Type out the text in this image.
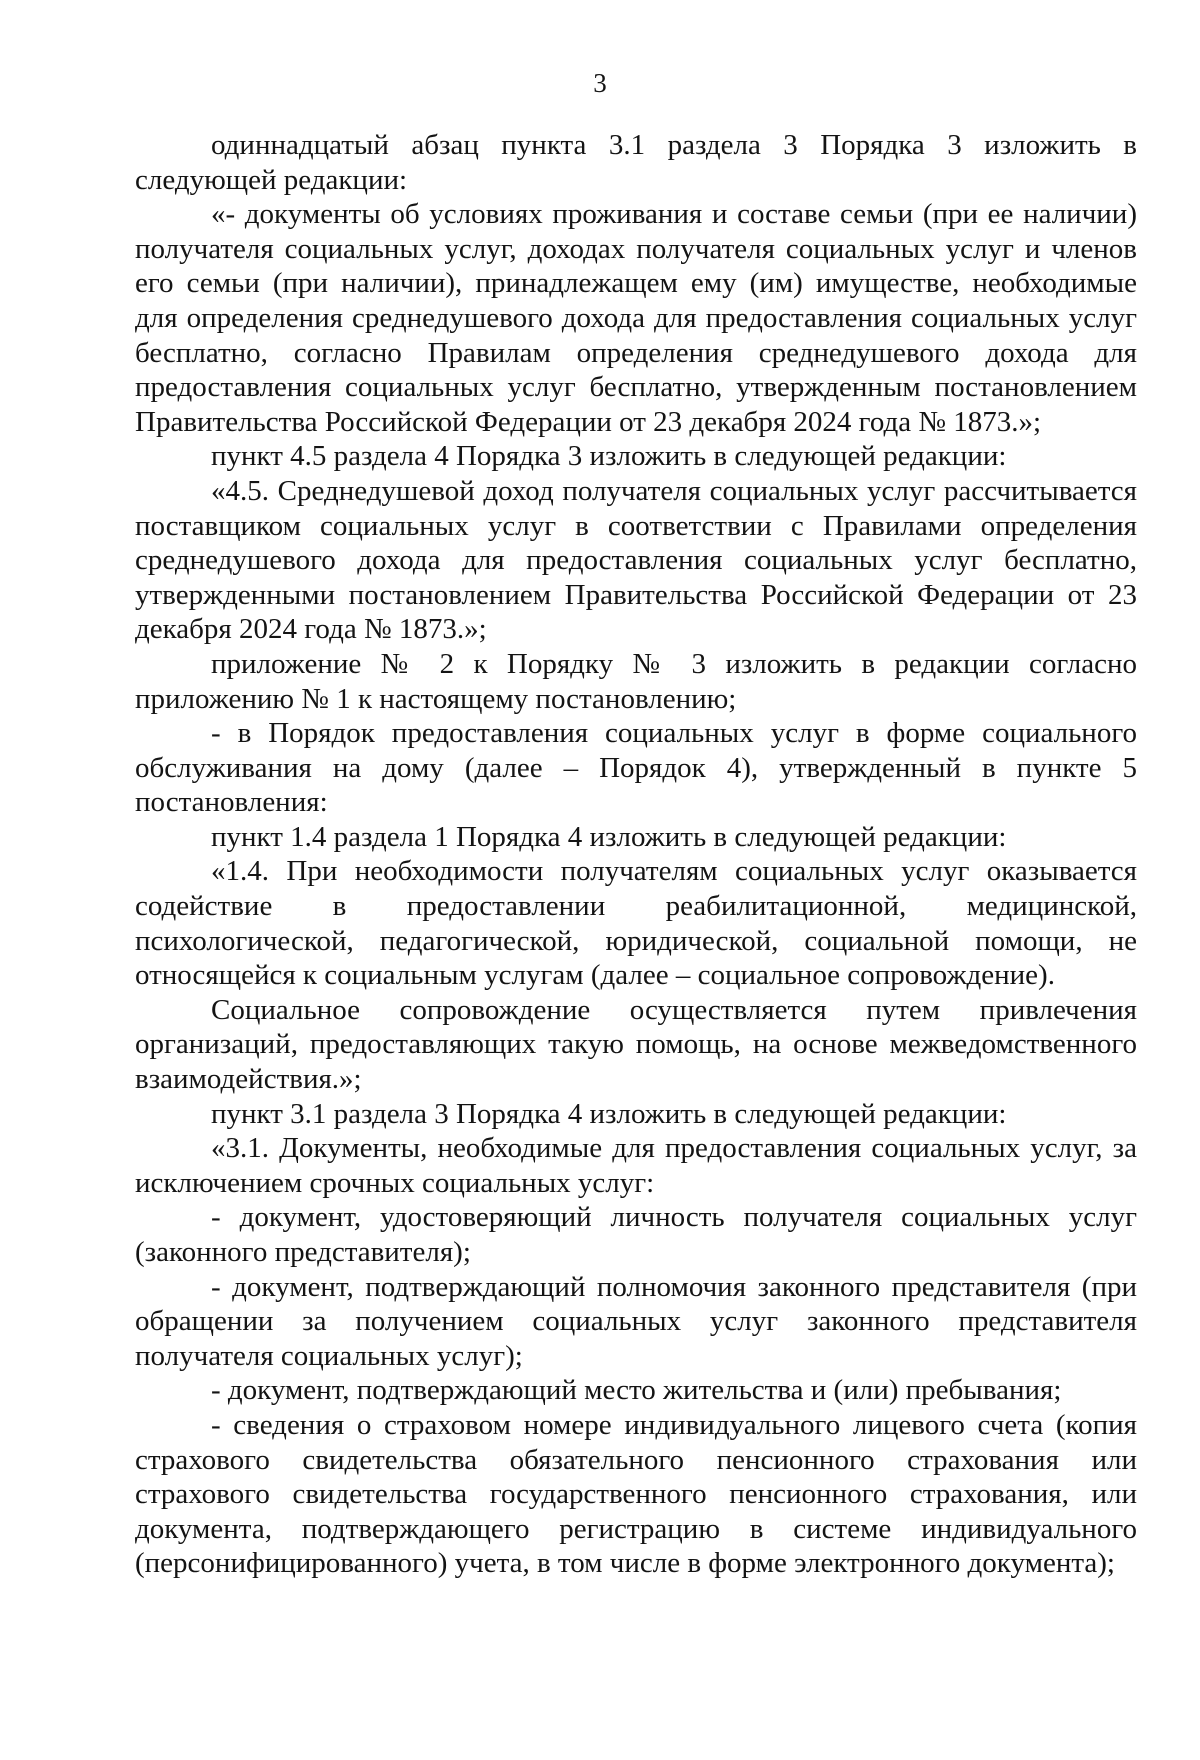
3

одиннадцатый абзац пункта 3.1 раздела 3 Порядка 3 изложить в следующей редакции:

«- документы об условиях проживания и составе семьи (при ее наличии) получателя социальных услуг, доходах получателя социальных услуг и членов его семьи (при наличии), принадлежащем ему (им) имуществе, необходимые для определения среднедушевого дохода для предоставления социальных услуг бесплатно, согласно Правилам определения среднедушевого дохода для предоставления социальных услуг бесплатно, утвержденным постановлением Правительства Российской Федерации от 23 декабря 2024 года № 1873.»;

пункт 4.5 раздела 4 Порядка 3 изложить в следующей редакции:

«4.5. Среднедушевой доход получателя социальных услуг рассчитывается поставщиком социальных услуг в соответствии с Правилами определения среднедушевого дохода для предоставления социальных услуг бесплатно, утвержденными постановлением Правительства Российской Федерации от 23 декабря 2024 года № 1873.»;

приложение № 2 к Порядку № 3 изложить в редакции согласно приложению № 1 к настоящему постановлению;

- в Порядок предоставления социальных услуг в форме социального обслуживания на дому (далее – Порядок 4), утвержденный в пункте 5 постановления:

пункт 1.4 раздела 1 Порядка 4 изложить в следующей редакции:

«1.4. При необходимости получателям социальных услуг оказывается содействие в предоставлении реабилитационной, медицинской, психологической, педагогической, юридической, социальной помощи, не относящейся к социальным услугам (далее – социальное сопровождение).

Социальное сопровождение осуществляется путем привлечения организаций, предоставляющих такую помощь, на основе межведомственного взаимодействия.»;

пункт 3.1 раздела 3 Порядка 4 изложить в следующей редакции:

«3.1. Документы, необходимые для предоставления социальных услуг, за исключением срочных социальных услуг:

- документ, удостоверяющий личность получателя социальных услуг (законного представителя);

- документ, подтверждающий полномочия законного представителя (при обращении за получением социальных услуг законного представителя получателя социальных услуг);

- документ, подтверждающий место жительства и (или) пребывания;

- сведения о страховом номере индивидуального лицевого счета (копия страхового свидетельства обязательного пенсионного страхования или страхового свидетельства государственного пенсионного страхования, или документа, подтверждающего регистрацию в системе индивидуального (персонифицированного) учета, в том числе в форме электронного документа);
